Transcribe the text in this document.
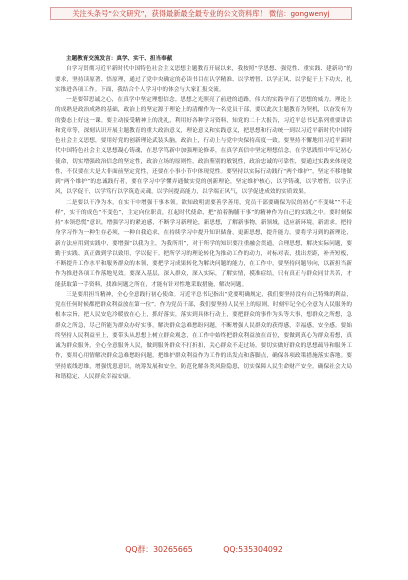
关注头条号“公文研究”，获得最新最全最专业的公文资料库！ 微信：gongwenyj

主题教育交流发言：真学、实干、担当奉献

自学习贯彻习近平新时代中国特色社会主义思想主题教育开展以来，我按照“学思想、强党性、重实践、建新功”的要求，坚持读原著、悟原理，通过了党中央确定的必读书目在认学精准、以学增智、以学正风、以学促干上下功夫，扎实推进各项工作。下面，我结合个人学习中的体会与大家汇报交流。

一是要带思诚之心，在真学中坚定理想信念。思想之光照亮了前进的道路，伟大的实践孕育了思想的威力。理论上的成熟是政治成熟的基础，政治上的坚定源于理论上的清醒作为一名党员干部，要以此次主题教育为契机，以奋发有为的姿态上好这一课。要主动接受精神上的洗礼，利用好各种学习资料，知党的二十大报告，习近平总书记系列重要讲话和党章等，深刻认识开展主题教育的重大政治意义，理论意义和实践意义，把思想和行动统一到以习近平新时代中国特色社会主义思想，要用好党的创新理论武装头脑，政治上，行动上与党中央保持高度一致。要坚持不懈地用习近平新时代中国特色社会主义思想凝心铸魂，在思学笃新中加强理论修养，在真学真信中坚定理想信念，在学思践悟中牢记初心使命，切实增强政治信念的坚定性，政治立场的原则性，政治鉴别的敏锐性，政治忠诚的可靠性，要通过实践来体现党性，不仅要在大是大非面前坚定党性，还要在小事小节中体现党性。要坚持以实际行动践行“两个维护”，坚定不移地做到“两个维护”的忠诚践行者，要在学习中学懂弄通做实党的创新理论，坚定维护核心，以学铸魂，以学增智，以学正风，以学促干，以学笃行以学筑造灵魂，以学问提高能力，以学端正风气，以学促进成效的实质效果。

二是要以干净为本，在实干中增强干事本领。欲知政明需要善学善用，党员干部要确保为民的初心“不变味”“不走样”，实干的成色“不变色”，主定向位职责，扛起时代使命，把“拍着胸脯干事”的精神作为自己的实践之中。要时刻保持“本领恐慌”意识，增强学习的紧迫感，不断学习新理论，新思想，了解新事物，新领域，适应新环境，新需求。把持身学习作为一种生存必须，一种自我追求，在持续学习中提升知识储备，更新思想，提升能力。要将学习到的新理论，新方法应用到实践中，要增强“以我为主，为我所用”，对于所学的知识要注重融会贯通，合理思想，解决实际问题，要勤于实践、真正做到学以致用，学以促干。把所学习的理论转化为推动工作的动力，对标对表，找出差距，补齐短板，不断提升工作水平和服务群众的本领，要把学习成果转化为解决问题的能力，在工作中，要坚持问题导向，以新担当新作为推进各项工作落地见效。要深入基层，深入群众，深入实际，了解实情，摸准症结，只有真正与群众同甘共苦，才能获取第一手资料，找准问题之所在，才能有针对性地采取措施，解决问题。

三是要用担当精神，全心全意践行初心使命。习近平总书记指出“党要明确规定，我们要坚持没有自己特殊的利益，党在任何时候都把群众利益放在第一位”。作为党员干部，我们要坚持人民至上的原则，时刻牢记全心全意为人民服务的根本宗旨，把人民安危冷暖放在心上，抓好落实，落实到具体行动上，要把群众的事作为头等大事，想群众之所想，急群众之所急，尽己所能为群众办好实事，解决群众急难愁盼问题，不断增强人民群众的获得感，幸福感，安全感。要始终坚持人民利益至上，要带头从思想上树立群众观念，在工作中始终把群众利益放在首位，要做到真心为群众着想，真诚为群众服务，全心全意服务人民，做到服务群众不打折扣，关心群众不走过场。要切实做好群众的思想疏导和服务工作，要用心用情解决群众急难愁盼问题，把维护群众利益作为工作的出发点和落脚点，确保各项政策措施落实落地。要坚持底线思维，增强忧患意识，统筹发展和安全，防范化解各类风险隐患，切实保障人民生命财产安全，确保社会大局和谐稳定、人民群众幸福安康。

QQ群：30265665	QQ:535304092
